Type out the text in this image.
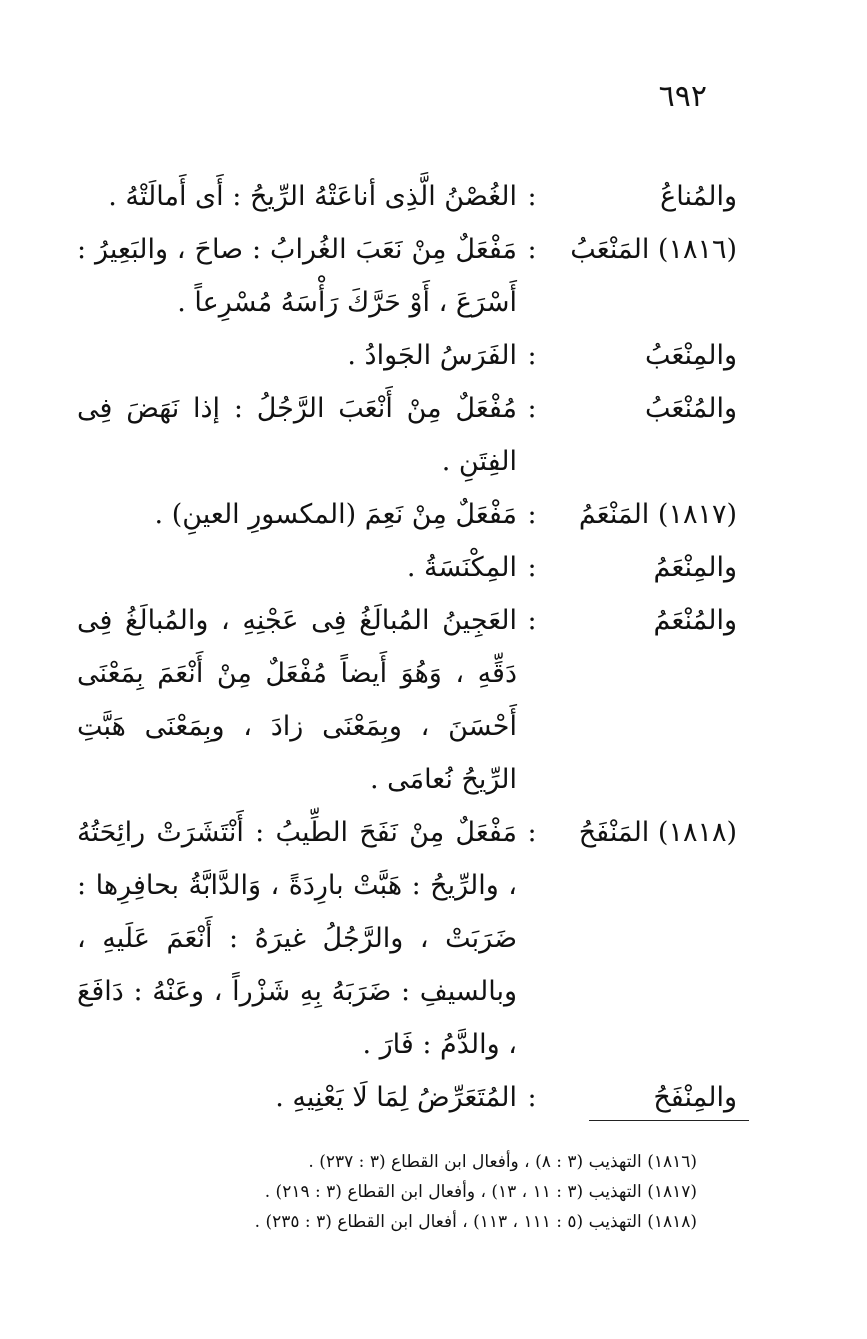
٦٩٢
والمُناعُ
:
الغُصْنُ الَّذِى أناعَتْهُ الرِّيحُ : أَى أَمالَتْهُ .
(١٨١٦) المَنْعَبُ
:
مَفْعَلٌ مِنْ نَعَبَ الغُرابُ : صاحَ ، والبَعِيرُ : أَسْرَعَ ، أَوْ حَرَّكَ رَأْسَهُ مُسْرِعاً .
والمِنْعَبُ
:
الفَرَسُ الجَوادُ .
والمُنْعَبُ
:
مُفْعَلٌ مِنْ أَنْعَبَ الرَّجُلُ : إذا نَهَضَ فِى الفِتَنِ .
(١٨١٧) المَنْعَمُ
:
مَفْعَلٌ مِنْ نَعِمَ (المكسورِ العينِ) .
والمِنْعَمُ
:
المِكْنَسَةُ .
والمُنْعَمُ
:
العَجِينُ المُبالَغُ فِى عَجْنِهِ ، والمُبالَغُ فِى دَقِّهِ ، وَهُوَ أَيضاً مُفْعَلٌ مِنْ أَنْعَمَ بِمَعْنَى أَحْسَنَ ، وبِمَعْنَى زادَ ، وبِمَعْنَى هَبَّتِ الرِّيحُ نُعامَى .
(١٨١٨) المَنْفَحُ
:
مَفْعَلٌ مِنْ نَفَحَ الطِّيبُ : أَنْتَشَرَتْ رائِحَتُهُ ، والرِّيحُ : هَبَّتْ بارِدَةً ، وَالدَّابَّةُ بحافِرِها : ضَرَبَتْ ، والرَّجُلُ غيرَهُ : أَنْعَمَ عَلَيهِ ، وبالسيفِ : ضَرَبَهُ بِهِ شَزْراً ، وعَنْهُ : دَافَعَ ، والدَّمُ : فَارَ .
والمِنْفَحُ
:
المُتَعَرِّضُ لِمَا لَا يَعْنِيهِ .
(١٨١٦) التهذيب (٣ : ٨) ، وأفعال ابن القطاع (٣ : ٢٣٧) .
(١٨١٧) التهذيب (٣ : ١١ ، ١٣) ، وأفعال ابن القطاع (٣ : ٢١٩) .
(١٨١٨) التهذيب (٥ : ١١١ ، ١١٣) ، أفعال ابن القطاع (٣ : ٢٣٥) .
